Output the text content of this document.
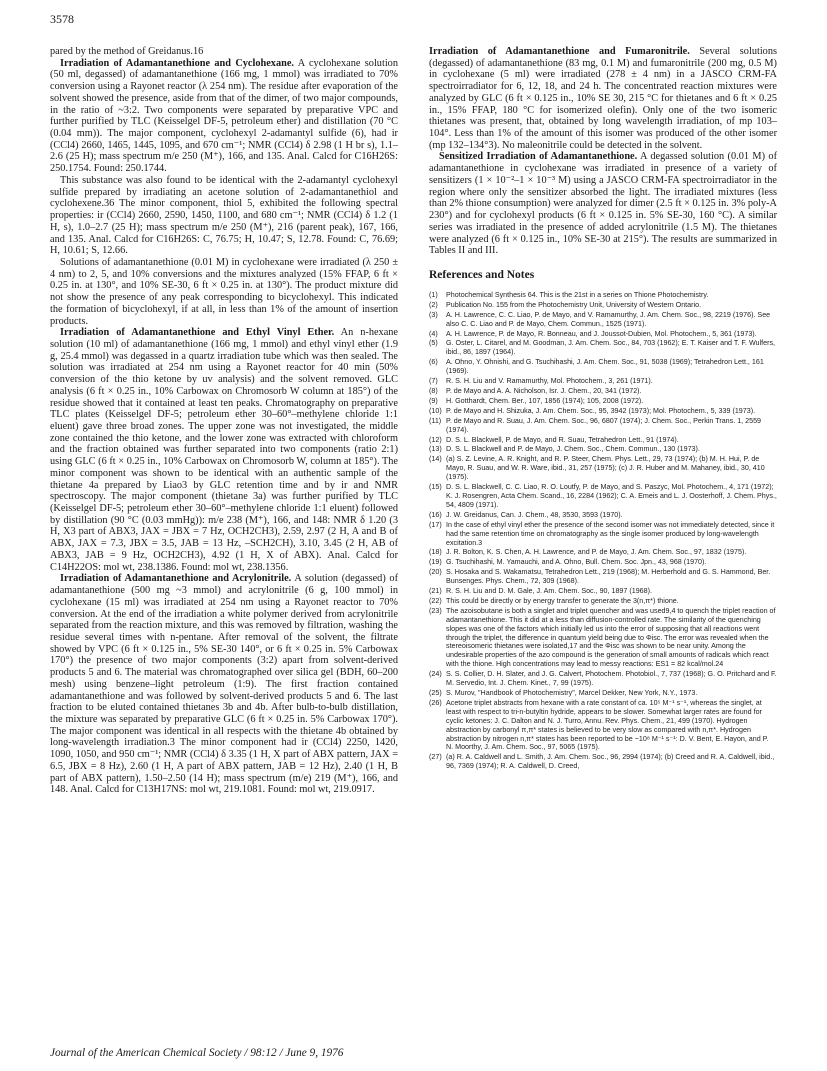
3578

pared by the method of Greidanus.16

Irradiation of Adamantanethione and Cyclohexane. A cyclohexane solution (50 ml, degassed) of adamantanethione (166 mg, 1 mmol) was irradiated to 70% conversion using a Rayonet reactor (λ 254 nm). The residue after evaporation of the solvent showed the presence, aside from that of the dimer, of two major compounds, in the ratio of ~3:2. Two components were separated by preparative VPC and further purified by TLC (Keisselgel DF-5, petroleum ether) and distillation (70 °C (0.04 mm)). The major component, cyclohexyl 2-adamantyl sulfide (6), had ir (CCl4) 2660, 1465, 1445, 1095, and 670 cm⁻¹; NMR (CCl4) δ 2.98 (1 H br s), 1.1–2.6 (25 H); mass spectrum m/e 250 (M⁺), 166, and 135. Anal. Calcd for C16H26S: 250.1754. Found: 250.1744.

This substance was also found to be identical with the 2-adamantyl cyclohexyl sulfide prepared by irradiating an acetone solution of 2-adamantanethiol and cyclohexene.36 The minor component, thiol 5, exhibited the following spectral properties: ir (CCl4) 2660, 2590, 1450, 1100, and 680 cm⁻¹; NMR (CCl4) δ 1.2 (1 H, s), 1.0–2.7 (25 H); mass spectrum m/e 250 (M⁺), 216 (parent peak), 167, 166, and 135. Anal. Calcd for C16H26S: C, 76.75; H, 10.47; S, 12.78. Found: C, 76.69; H, 10.61; S, 12.66.

Solutions of adamantanethione (0.01 M) in cyclohexane were irradiated (λ 250 ± 4 nm) to 2, 5, and 10% conversions and the mixtures analyzed (15% FFAP, 6 ft × 0.25 in. at 130°, and 10% SE-30, 6 ft × 0.25 in. at 130°). The product mixture did not show the presence of any peak corresponding to bicyclohexyl. This indicated the formation of bicyclohexyl, if at all, in less than 1% of the amount of insertion products.

Irradiation of Adamantanethione and Ethyl Vinyl Ether. An n-hexane solution (10 ml) of adamantanethione (166 mg, 1 mmol) and ethyl vinyl ether (1.9 g, 25.4 mmol) was degassed in a quartz irradiation tube which was then sealed. The solution was irradiated at 254 nm using a Rayonet reactor for 40 min (50% conversion of the thio ketone by uv analysis) and the solvent removed. GLC analysis (6 ft × 0.25 in., 10% Carbowax on Chromosorb W column at 185°) of the residue showed that it contained at least ten peaks. Chromatography on preparative TLC plates (Keisselgel DF-5; petroleum ether 30–60°–methylene chloride 1:1 eluent) gave three broad zones. The upper zone was not investigated, the middle zone contained the thio ketone, and the lower zone was extracted with chloroform and the fraction obtained was further separated into two components (ratio 2:1) using GLC (6 ft × 0.25 in., 10% Carbowax on Chromosorb W, column at 185°). The minor component was shown to be identical with an authentic sample of the thietane 4a prepared by Liao3 by GLC retention time and by ir and NMR spectroscopy. The major component (thietane 3a) was further purified by TLC (Keisselgel DF-5; petroleum ether 30–60°–methylene chloride 1:1 eluent) followed by distillation (90 °C (0.03 mmHg)): m/e 238 (M⁺), 166, and 148: NMR δ 1.20 (3 H, X3 part of ABX3, JAX = JBX = 7 Hz, OCH2CH3), 2.59, 2.97 (2 H, A and B of ABX, JAX = 7.3, JBX = 3.5, JAB = 13 Hz, –SCH2CH), 3.10, 3.45 (2 H, AB of ABX3, JAB = 9 Hz, OCH2CH3), 4.92 (1 H, X of ABX). Anal. Calcd for C14H22OS: mol wt, 238.1386. Found: mol wt, 238.1356.

Irradiation of Adamantanethione and Acrylonitrile. A solution (degassed) of adamantanethione (500 mg ~3 mmol) and acrylonitrile (6 g, 100 mmol) in cyclohexane (15 ml) was irradiated at 254 nm using a Rayonet reactor to 70% conversion. At the end of the irradiation a white polymer derived from acrylonitrile separated from the reaction mixture, and this was removed by filtration, washing the residue several times with n-pentane. After removal of the solvent, the filtrate showed by VPC (6 ft × 0.125 in., 5% SE-30 140°, or 6 ft × 0.25 in. 5% Carbowax 170°) the presence of two major components (3:2) apart from solvent-derived products 5 and 6. The material was chromatographed over silica gel (BDH, 60–200 mesh) using benzene–light petroleum (1:9). The first fraction contained adamantanethione and was followed by solvent-derived products 5 and 6. The last fraction to be eluted contained thietanes 3b and 4b. After bulb-to-bulb distillation, the mixture was separated by preparative GLC (6 ft × 0.25 in. 5% Carbowax 170°). The major component was identical in all respects with the thietane 4b obtained by long-wavelength irradiation.3 The minor component had ir (CCl4) 2250, 1420, 1090, 1050, and 950 cm⁻¹; NMR (CCl4) δ 3.35 (1 H, X part of ABX pattern, JAX = 6.5, JBX = 8 Hz), 2.60 (1 H, A part of ABX pattern, JAB = 12 Hz), 2.40 (1 H, B part of ABX pattern), 1.50–2.50 (14 H); mass spectrum (m/e) 219 (M⁺), 166, and 148. Anal. Calcd for C13H17NS: mol wt, 219.1081. Found: mol wt, 219.0917.

Irradiation of Adamantanethione and Fumaronitrile. Several solutions (degassed) of adamantanethione (83 mg, 0.1 M) and fumaronitrile (200 mg, 0.5 M) in cyclohexane (5 ml) were irradiated (278 ± 4 nm) in a JASCO CRM-FA spectroirradiator for 6, 12, 18, and 24 h. The concentrated reaction mixtures were analyzed by GLC (6 ft × 0.125 in., 10% SE 30, 215 °C for thietanes and 6 ft × 0.25 in., 15% FFAP, 180 °C for isomerized olefin). Only one of the two isomeric thietanes was present, that, obtained by long wavelength irradiation, of mp 103–104°. Less than 1% of the amount of this isomer was produced of the other isomer (mp 132–134°3). No maleonitrile could be detected in the solvent.

Sensitized Irradiation of Adamantanethione. A degassed solution (0.01 M) of adamantanethione in cyclohexane was irradiated in presence of a variety of sensitizers (1 × 10⁻²–1 × 10⁻³ M) using a JASCO CRM-FA spectroirradiator in the region where only the sensitizer absorbed the light. The irradiated mixtures (less than 2% thione consumption) were analyzed for dimer (2.5 ft × 0.125 in. 3% poly-A 230°) and for cyclohexyl products (6 ft × 0.125 in. 5% SE-30, 160 °C). A similar series was irradiated in the presence of added acrylonitrile (1.5 M). The thietanes were analyzed (6 ft × 0.125 in., 10% SE-30 at 215°). The results are summarized in Tables II and III.

References and Notes
(1)	Photochemical Synthesis 64. This is the 21st in a series on Thione Photochemistry.
(2)	Publication No. 155 from the Photochemistry Unit, University of Western Ontario.
(3)	A. H. Lawrence, C. C. Liao, P. de Mayo, and V. Ramamurthy, J. Am. Chem. Soc., 98, 2219 (1976). See also C. C. Liao and P. de Mayo, Chem. Commun., 1525 (1971).
(4)	A. H. Lawrence, P. de Mayo, R. Bonneau, and J. Joussot-Dubien, Mol. Photochem., 5, 361 (1973).
(5)	G. Oster, L. Citarel, and M. Goodman, J. Am. Chem. Soc., 84, 703 (1962); E. T. Kaiser and T. F. Wulfers, ibid., 86, 1897 (1964).
(6)	A. Ohno, Y. Ohnishi, and G. Tsuchihashi, J. Am. Chem. Soc., 91, 5038 (1969); Tetrahedron Lett., 161 (1969).
(7)	R. S. H. Liu and V. Ramamurthy, Mol. Photochem., 3, 261 (1971).
(8)	P. de Mayo and A. A. Nicholson, Isr. J. Chem., 20, 341 (1972).
(9)	H. Gotthardt, Chem. Ber., 107, 1856 (1974); 105, 2008 (1972).
(10) P. de Mayo and H. Shizuka, J. Am. Chem. Soc., 95, 3942 (1973); Mol. Photochem., 5, 339 (1973).
(11) P. de Mayo and R. Suau, J. Am. Chem. Soc., 96, 6807 (1974); J. Chem. Soc., Perkin Trans. 1, 2559 (1974).
(12) D. S. L. Blackwell, P. de Mayo, and R. Suau, Tetrahedron Lett., 91 (1974).
(13) D. S. L. Blackwell and P. de Mayo, J. Chem. Soc., Chem. Commun., 130 (1973).
(14) (a) S. Z. Levine, A. R. Knight, and R. P. Steer, Chem. Phys. Lett., 29, 73 (1974); (b) M. H. Hui, P. de Mayo, R. Suau, and W. R. Ware, ibid., 31, 257 (1975); (c) J. R. Huber and M. Mahaney, ibid., 30, 410 (1975).
(15) D. S. L. Blackwell, C. C. Liao, R. O. Loutfy, P. de Mayo, and S. Paszyc, Mol. Photochem., 4, 171 (1972); K. J. Rosengren, Acta Chem. Scand., 16, 2284 (1962); C. A. Emeis and L. J. Oosterhoff, J. Chem. Phys., 54, 4809 (1971).
(16) J. W. Greidanus, Can. J. Chem., 48, 3530, 3593 (1970).
(17) In the case of ethyl vinyl ether the presence of the second isomer was not immediately detected, since it had the same retention time on chromatography as the single isomer produced by long-wavelength excitation.3
(18) J. R. Bolton, K. S. Chen, A. H. Lawrence, and P. de Mayo, J. Am. Chem. Soc., 97, 1832 (1975).
(19) G. Tsuchihashi, M. Yamauchi, and A. Ohno, Bull. Chem. Soc. Jpn., 43, 968 (1970).
(20) S. Hosaka and S. Wakamatsu, Tetrahedron Lett., 219 (1968); M. Herberhold and G. S. Hammond, Ber. Bunsenges. Phys. Chem., 72, 309 (1968).
(21) R. S. H. Liu and D. M. Gale, J. Am. Chem. Soc., 90, 1897 (1968).
(22) This could be directly or by energy transfer to generate the 3(n,π*) thione.
(23) The azoisobutane is both a singlet and triplet quencher and was used9,4 to quench the triplet reaction of adamantanethione. This it did at a less than diffusion-controlled rate. The similarity of the quenching slopes was one of the factors which initially led us into the error of supposing that all reactions went through the triplet, the difference in quantum yield being due to Φisc. The error was revealed when the stereoisomeric thietanes were isolated,17 and the Φisc was shown to be near unity. Among the undesirable properties of the azo compound is the generation of small amounts of radicals which react with the thione. High concentrations may lead to messy reactions: ES1 = 82 kcal/mol.24
(24) S. S. Collier, D. H. Slater, and J. G. Calvert, Photochem. Photobiol., 7, 737 (1968); G. O. Pritchard and F. M. Servedio, Int. J. Chem. Kinet., 7, 99 (1975).
(25) S. Murov, "Handbook of Photochemistry", Marcel Dekker, New York, N.Y., 1973.
(26) Acetone triplet abstracts from hexane with a rate constant of ca. 10⁵ M⁻¹ s⁻¹, whereas the singlet, at least with respect to tri-n-butyltin hydride, appears to be slower. Somewhat larger rates are found for cyclic ketones: J. C. Dalton and N. J. Turro, Annu. Rev. Phys. Chem., 21, 499 (1970). Hydrogen abstraction by carbonyl π,π* states is believed to be very slow as compared with n,π*. Hydrogen abstraction by nitrogen n,π* states has been reported to be ~10⁸ M⁻¹ s⁻¹: D. V. Bent, E. Hayon, and P. N. Moorthy, J. Am. Chem. Soc., 97, 5065 (1975).
(27) (a) R. A. Caldwell and L. Smith, J. Am. Chem. Soc., 96, 2994 (1974); (b) Creed and R. A. Caldwell, ibid., 96, 7369 (1974); R. A. Caldwell, D. Creed,
Journal of the American Chemical Society / 98:12 / June 9, 1976
